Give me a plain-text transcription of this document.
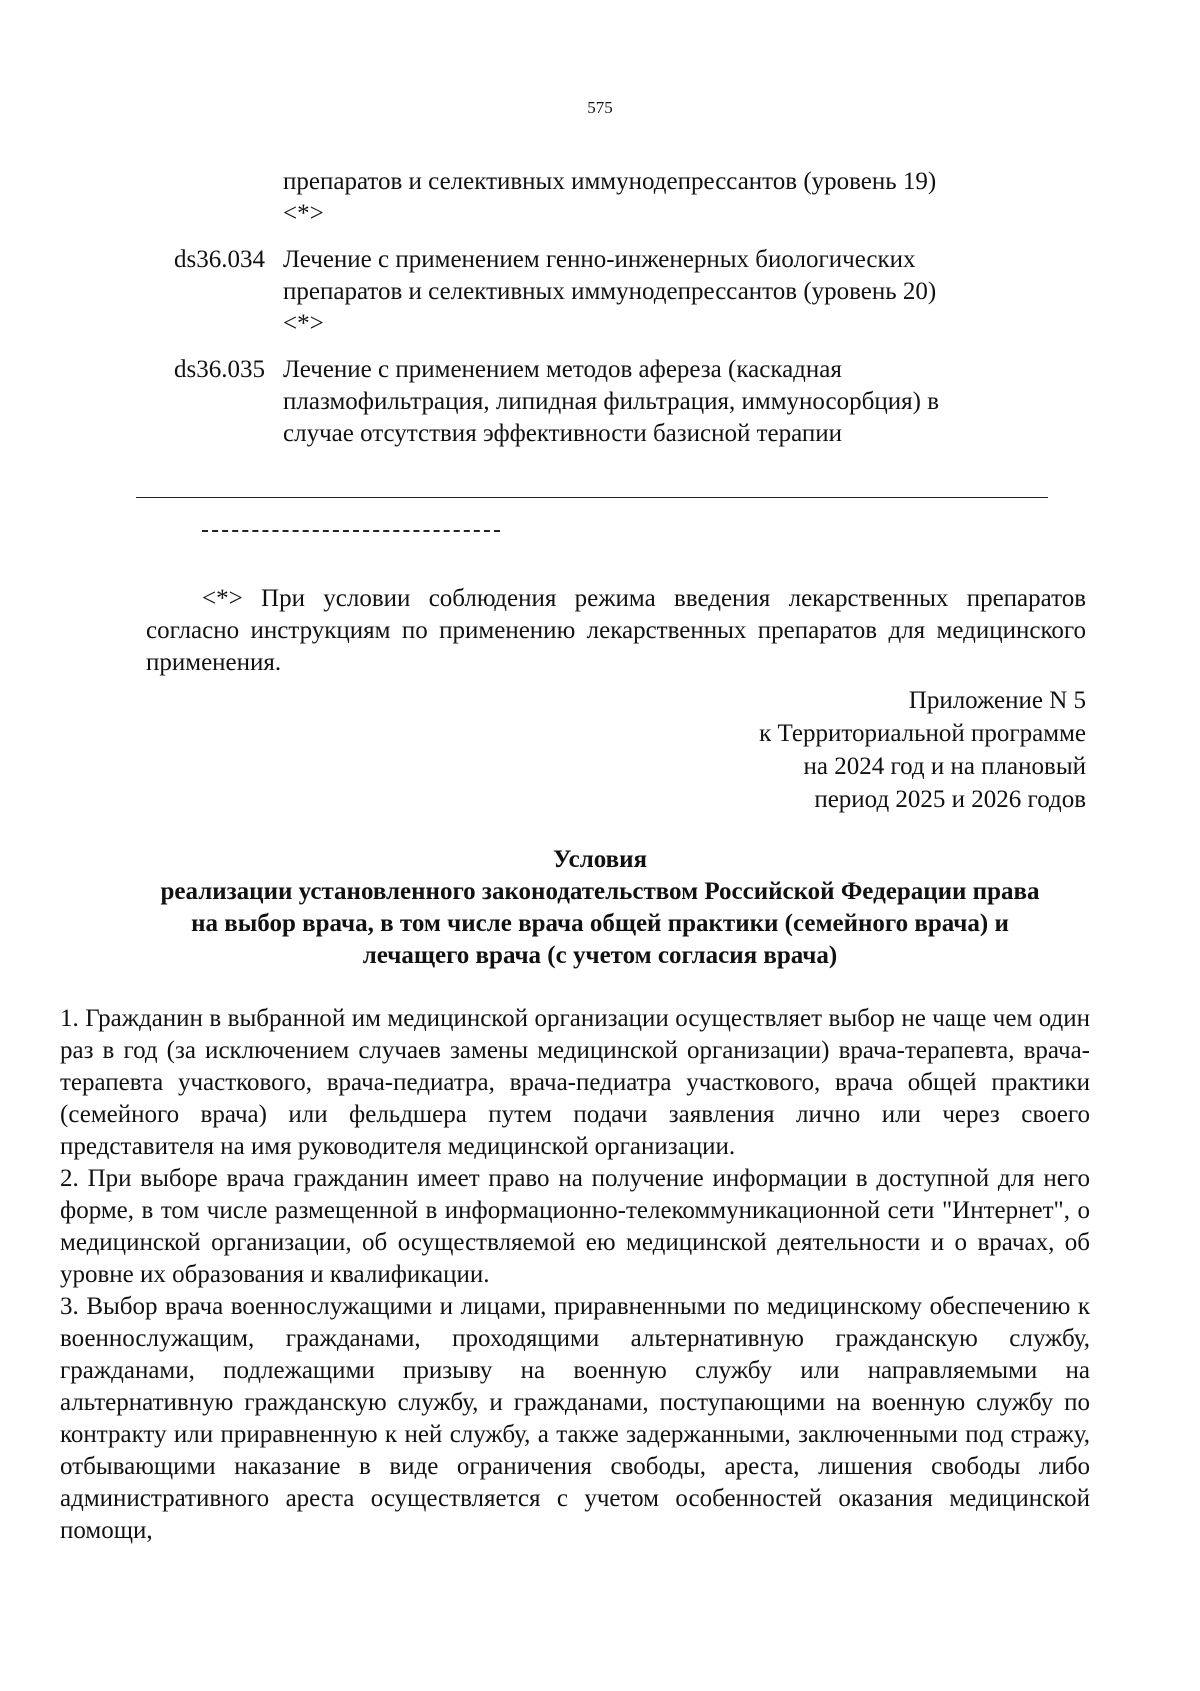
575
препаратов и селективных иммунодепрессантов (уровень 19)
<*>
ds36.034 Лечение с применением генно-инженерных биологических
препаратов и селективных иммунодепрессантов (уровень 20)
<*>
ds36.035 Лечение с применением методов афереза (каскадная
плазмофильтрация, липидная фильтрация, иммуносорбция) в
случае отсутствия эффективности базисной терапии
<*> При условии соблюдения режима введения лекарственных препаратов согласно инструкциям по применению лекарственных препаратов для медицинского применения.
Приложение N 5
к Территориальной программе
на 2024 год и на плановый
период 2025 и 2026 годов
Условия
реализации установленного законодательством Российской Федерации права
на выбор врача, в том числе врача общей практики (семейного врача) и
лечащего врача (с учетом согласия врача)

1. Гражданин в выбранной им медицинской организации осуществляет выбор не чаще чем один раз в год (за исключением случаев замены медицинской организации) врача-терапевта, врача-терапевта участкового, врача-педиатра, врача-педиатра участкового, врача общей практики (семейного врача) или фельдшера путем подачи заявления лично или через своего представителя на имя руководителя медицинской организации.

2. При выборе врача гражданин имеет право на получение информации в доступной для него форме, в том числе размещенной в информационно-телекоммуникационной сети "Интернет", о медицинской организации, об осуществляемой ею медицинской деятельности и о врачах, об уровне их образования и квалификации.

3. Выбор врача военнослужащими и лицами, приравненными по медицинскому обеспечению к военнослужащим, гражданами, проходящими альтернативную гражданскую службу, гражданами, подлежащими призыву на военную службу или направляемыми на альтернативную гражданскую службу, и гражданами, поступающими на военную службу по контракту или приравненную к ней службу, а также задержанными, заключенными под стражу, отбывающими наказание в виде ограничения свободы, ареста, лишения свободы либо административного ареста осуществляется с учетом особенностей оказания медицинской помощи,
